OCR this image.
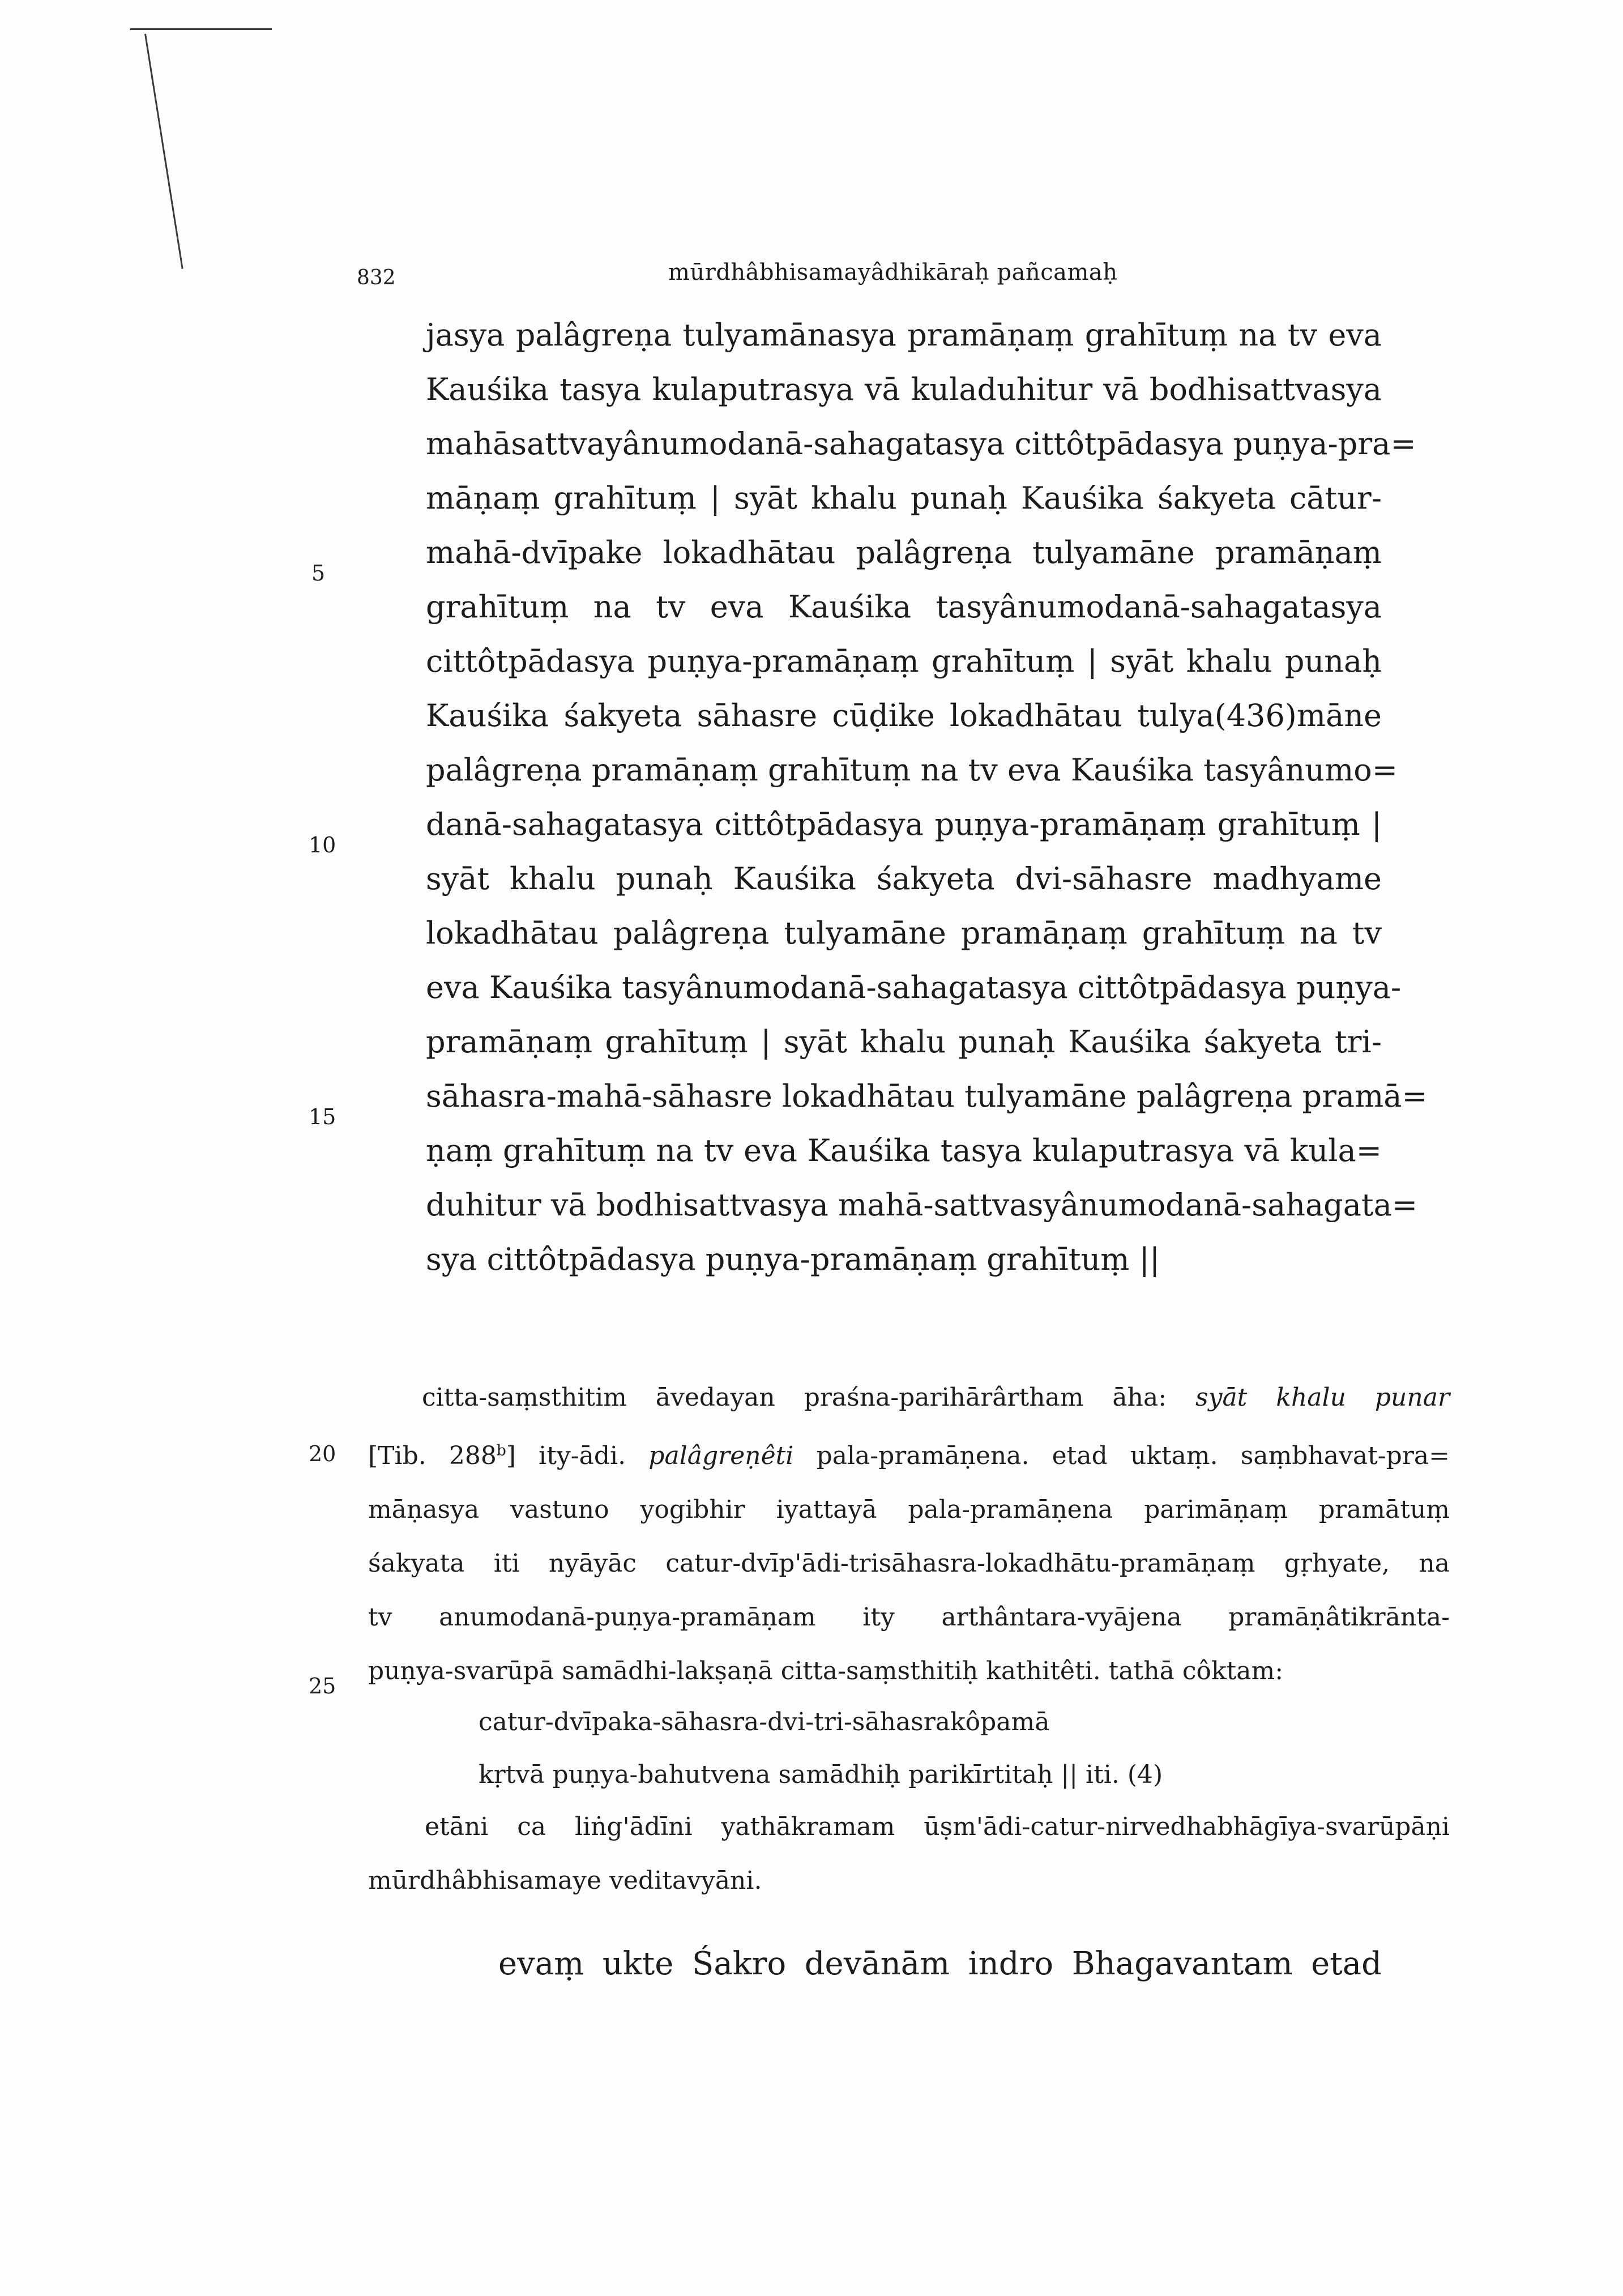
832	mūrdhâbhisamayâdhikāraḥ pañcamaḥ
jasya palâgreṇa tulyamānasya pramāṇaṃ grahītuṃ na tv eva
Kauśika tasya kulaputrasya vā kuladuhitur vā bodhisattvasya
mahāsattvayânumodanā-sahagatasya cittôtpādasya puṇya-pra=
māṇaṃ grahītuṃ | syāt khalu punaḥ Kauśika śakyeta cātur-
mahā-dvīpake lokadhātau palâgreṇa tulyamāne pramāṇaṃ
grahītuṃ na tv eva Kauśika tasyânumodanā-sahagatasya
cittôtpādasya puṇya-pramāṇaṃ grahītuṃ | syāt khalu punaḥ
Kauśika śakyeta sāhasre cūḍike lokadhātau tulya(436)māne
palâgreṇa pramāṇaṃ grahītuṃ na tv eva Kauśika tasyânumo=
danā-sahagatasya cittôtpādasya puṇya-pramāṇaṃ grahītuṃ |
syāt khalu punaḥ Kauśika śakyeta dvi-sāhasre madhyame
lokadhātau palâgreṇa tulyamāne pramāṇaṃ grahītuṃ na tv
eva Kauśika tasyânumodanā-sahagatasya cittôtpādasya puṇya-
pramāṇaṃ grahītuṃ | syāt khalu punaḥ Kauśika śakyeta tri-
sāhasra-mahā-sāhasre lokadhātau tulyamāne palâgreṇa pramā=
ṇaṃ grahītuṃ na tv eva Kauśika tasya kulaputrasya vā kula=
duhitur vā bodhisattvasya mahā-sattvasyânumodanā-sahagata=
sya cittôtpādasya puṇya-pramāṇaṃ grahītuṃ ||
5
10
15
20
25
citta-saṃsthitim āvedayan praśna-parihārârtham āha: syāt khalu punar
[Tib. 288$^b$] ity-ādi. palâgreṇêti pala-pramāṇena. etad uktaṃ. saṃbhavat-pra=
māṇasya vastuno yogibhir iyattayā pala-pramāṇena parimāṇaṃ pramātuṃ
śakyata iti nyāyāc catur-dvīp'ādi-trisāhasra-lokadhātu-pramāṇaṃ gṛhyate, na
tv anumodanā-puṇya-pramāṇam ity arthântara-vyājena pramāṇâtikrānta-
puṇya-svarūpā samādhi-lakṣaṇā citta-saṃsthitiḥ kathitêti. tathā côktam:
catur-dvīpaka-sāhasra-dvi-tri-sāhasrakôpamā
kṛtvā puṇya-bahutvena samādhiḥ parikīrtitaḥ || iti. (4)
etāni ca liṅg'ādīni yathākramam ūṣm'ādi-catur-nirvedhabhāgīya-svarūpāṇi
mūrdhâbhisamaye veditavyāni.
evaṃ ukte Śakro devānām indro Bhagavantam etad
